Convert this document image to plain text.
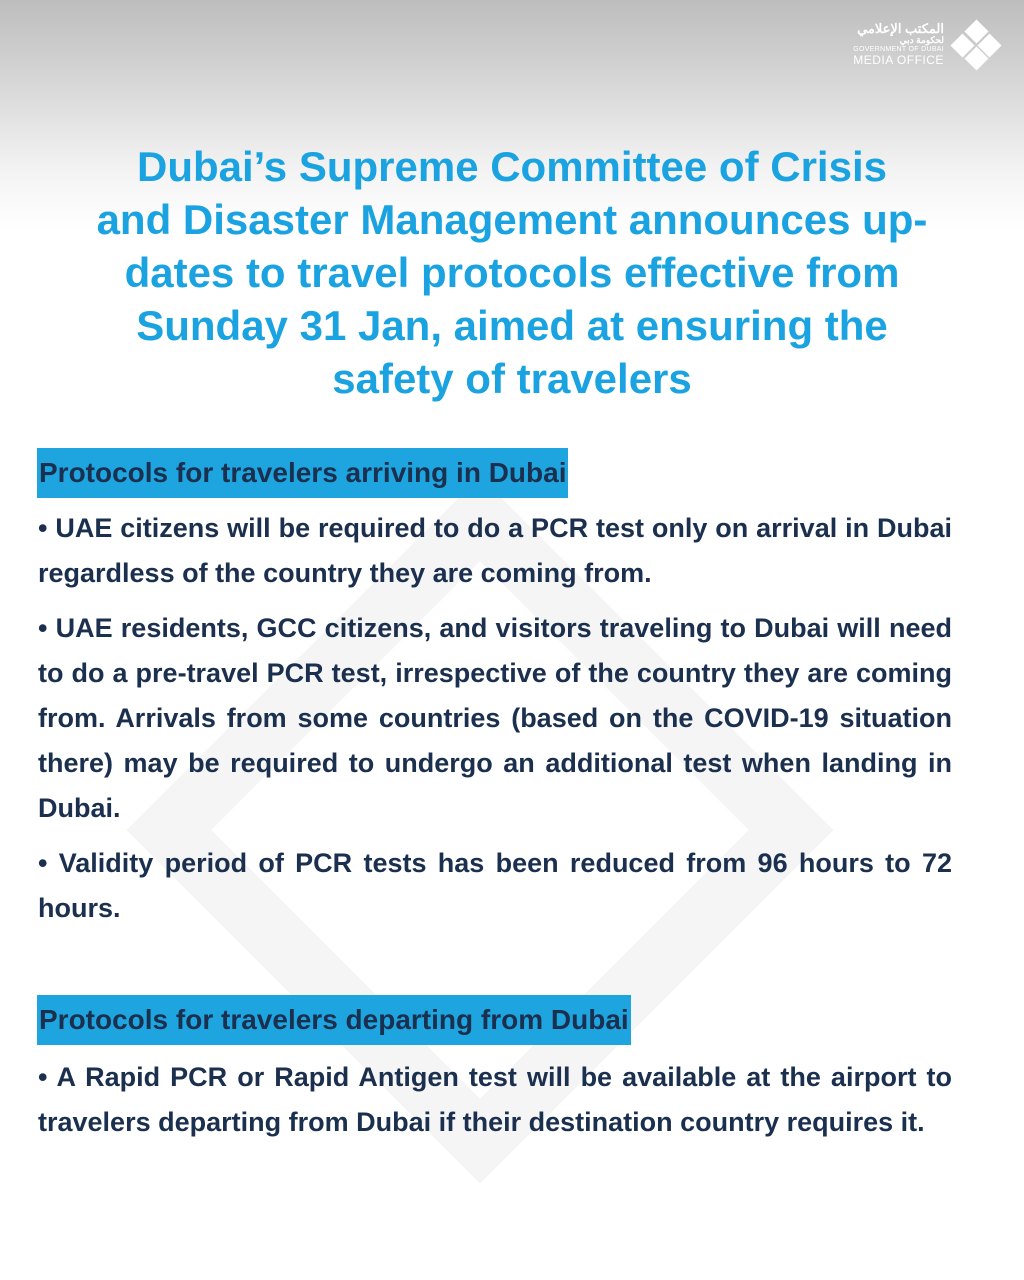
المكتب الإعلامي
لحكومة دبي
GOVERNMENT OF DUBAI
MEDIA OFFICE
Dubai’s Supreme Committee of Crisis
and Disaster Management announces up-
dates to travel protocols effective from
Sunday 31 Jan, aimed at ensuring the
safety of travelers
Protocols for travelers arriving in Dubai

• UAE citizens will be required to do a PCR test only on arrival in Dubai regardless of the country they are coming from.

• UAE residents, GCC citizens, and visitors traveling to Dubai will need to do a pre-travel PCR test, irrespective of the country they are coming from. Arrivals from some countries (based on the COVID-19 situation there) may be required to undergo an additional test when landing in Dubai.

• Validity period of PCR tests has been reduced from 96 hours to 72 hours.

Protocols for travelers departing from Dubai

• A Rapid PCR or Rapid Antigen test will be available at the airport to travelers departing from Dubai if their destination country requires it.
